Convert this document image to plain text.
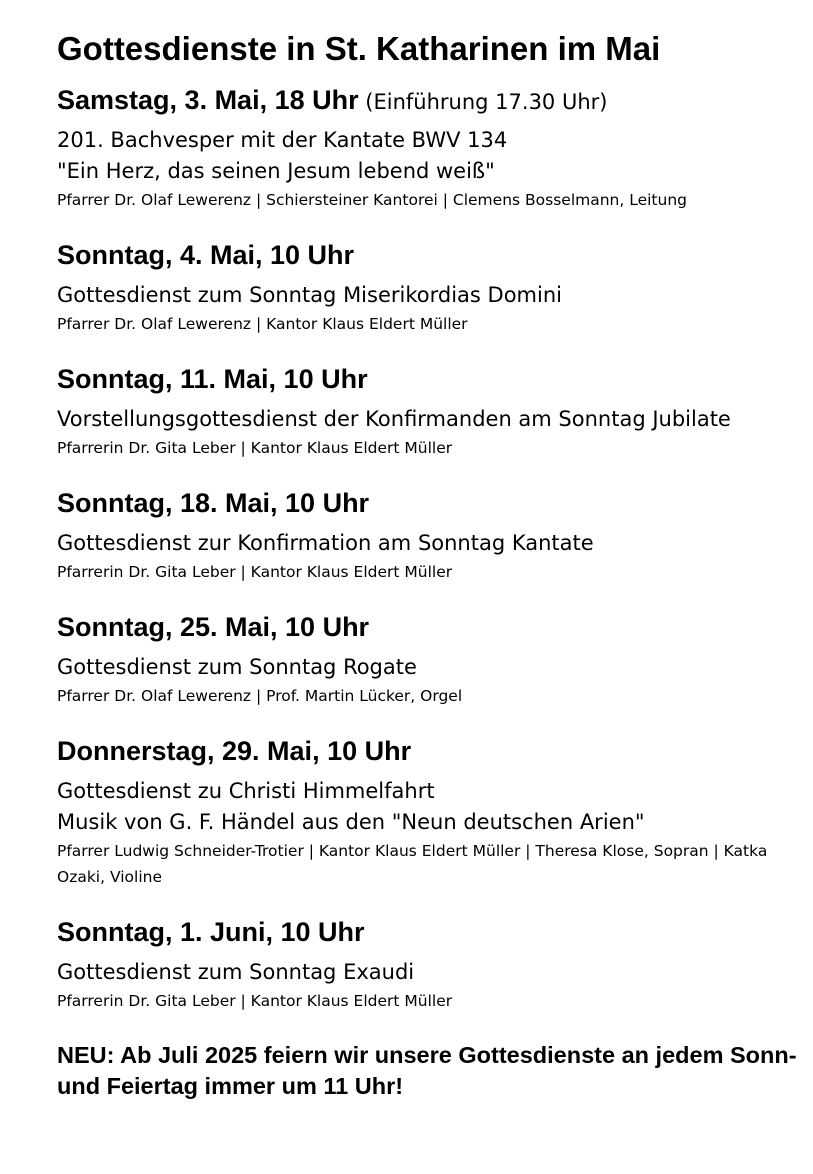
Gottesdienste in St. Katharinen im Mai
Samstag, 3. Mai, 18 Uhr (Einführung 17.30 Uhr)
201. Bachvesper mit der Kantate BWV 134
"Ein Herz, das seinen Jesum lebend weiß"
Pfarrer Dr. Olaf Lewerenz | Schiersteiner Kantorei | Clemens Bosselmann, Leitung
Sonntag, 4. Mai, 10 Uhr
Gottesdienst zum Sonntag Miserikordias Domini
Pfarrer Dr. Olaf Lewerenz | Kantor Klaus Eldert Müller
Sonntag, 11. Mai, 10 Uhr
Vorstellungsgottesdienst der Konfirmanden am Sonntag Jubilate
Pfarrerin Dr. Gita Leber | Kantor Klaus Eldert Müller
Sonntag, 18. Mai, 10 Uhr
Gottesdienst zur Konfirmation am Sonntag Kantate
Pfarrerin Dr. Gita Leber | Kantor Klaus Eldert Müller
Sonntag, 25. Mai, 10 Uhr
Gottesdienst zum Sonntag Rogate
Pfarrer Dr. Olaf Lewerenz | Prof. Martin Lücker, Orgel
Donnerstag, 29. Mai, 10 Uhr
Gottesdienst zu Christi Himmelfahrt
Musik von G. F. Händel aus den "Neun deutschen Arien"
Pfarrer Ludwig Schneider-Trotier | Kantor Klaus Eldert Müller | Theresa Klose, Sopran | Katka Ozaki, Violine
Sonntag, 1. Juni, 10 Uhr
Gottesdienst zum Sonntag Exaudi
Pfarrerin Dr. Gita Leber | Kantor Klaus Eldert Müller
NEU: Ab Juli 2025 feiern wir unsere Gottesdienste an jedem Sonn- und Feiertag immer um 11 Uhr!
